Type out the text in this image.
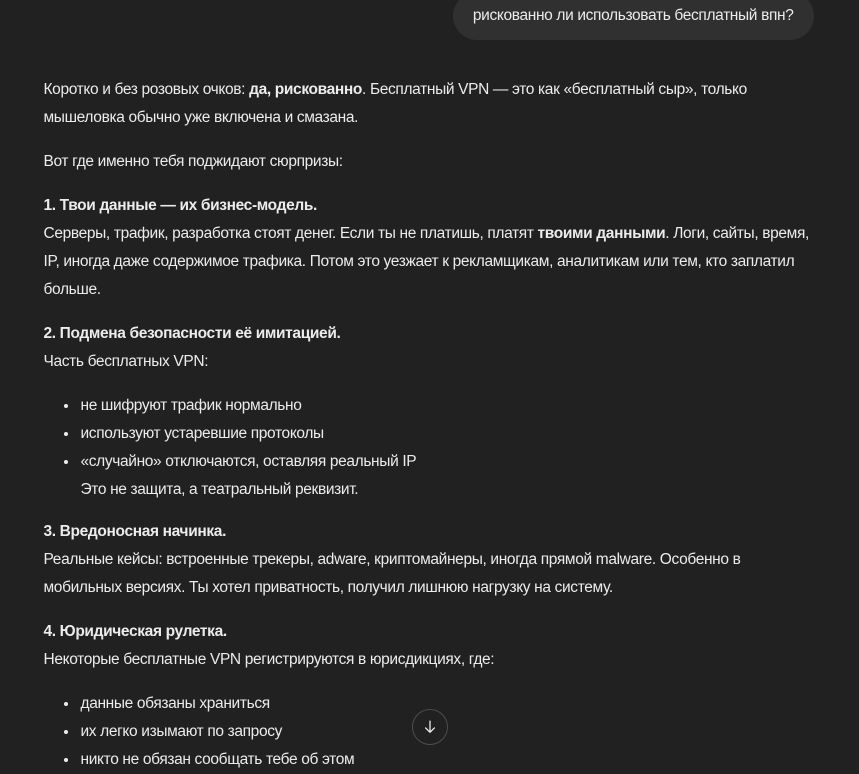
рискованно ли использовать бесплатный впн?

Коротко и без розовых очков: да, рискованно. Бесплатный VPN — это как «бесплатный сыр», только мышеловка обычно уже включена и смазана.

Вот где именно тебя поджидают сюрпризы:

1. Твои данные — их бизнес-модель.
Серверы, трафик, разработка стоят денег. Если ты не платишь, платят твоими данными. Логи, сайты, время, IP, иногда даже содержимое трафика. Потом это уезжает к рекламщикам, аналитикам или тем, кто заплатил больше.

2. Подмена безопасности её имитацией.
Часть бесплатных VPN:

• не шифруют трафик нормально
• используют устаревшие протоколы
• «случайно» отключаются, оставляя реальный IP
Это не защита, а театральный реквизит.

3. Вредоносная начинка.
Реальные кейсы: встроенные трекеры, adware, криптомайнеры, иногда прямой malware. Особенно в мобильных версиях. Ты хотел приватность, получил лишнюю нагрузку на систему.

4. Юридическая рулетка.
Некоторые бесплатные VPN регистрируются в юрисдикциях, где:

• данные обязаны храниться
• их легко изымают по запросу
• никто не обязан сообщать тебе об этом
